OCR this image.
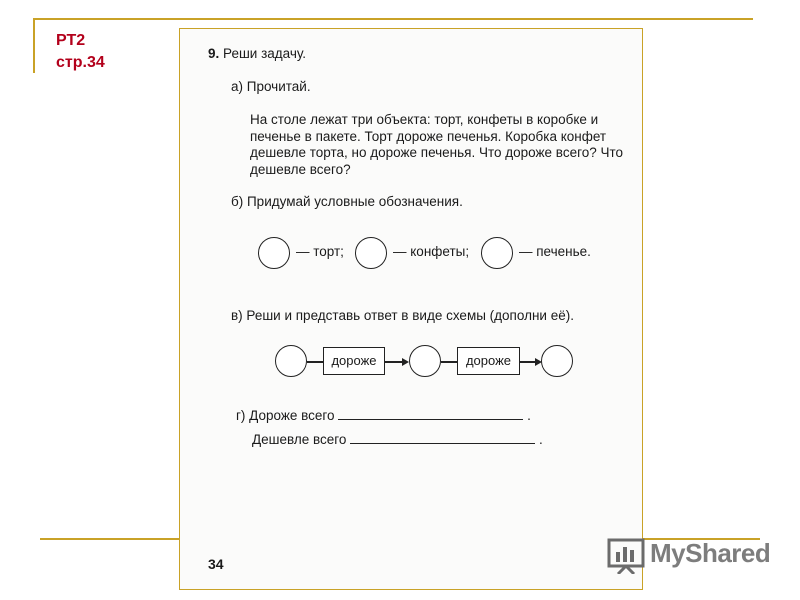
РТ2
стр.34
9. Реши задачу.
а) Прочитай.
На столе лежат три объекта: торт, конфеты в коробке и печенье в пакете. Торт дороже печенья. Коробка конфет дешевле торта, но дороже печенья. Что дороже всего? Что дешевле всего?
б) Придумай условные обозначения.
— торт;	— конфеты;	— печенье.
в) Реши и представь ответ в виде схемы (дополни её).
дороже	дороже
г) Дороже всего	.
Дешевле всего	.
34	MyShared
